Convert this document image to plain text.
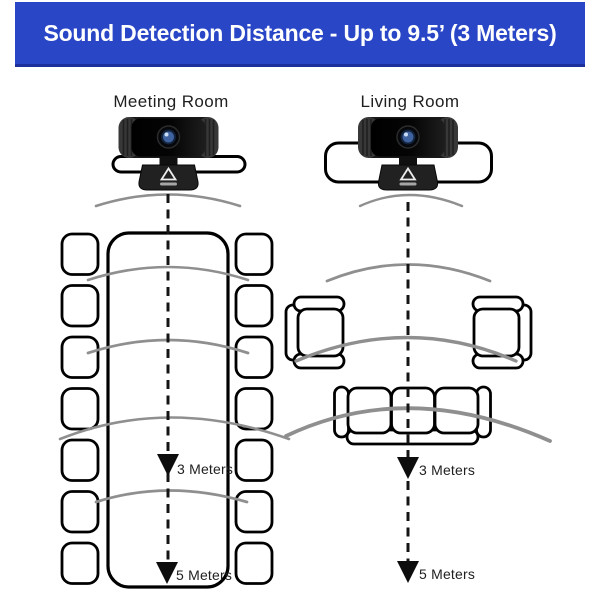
Sound Detection Distance - Up to 9.5’ (3 Meters)
Meeting Room	Living Room
3 Meters
5 Meters
3 Meters
5 Meters
